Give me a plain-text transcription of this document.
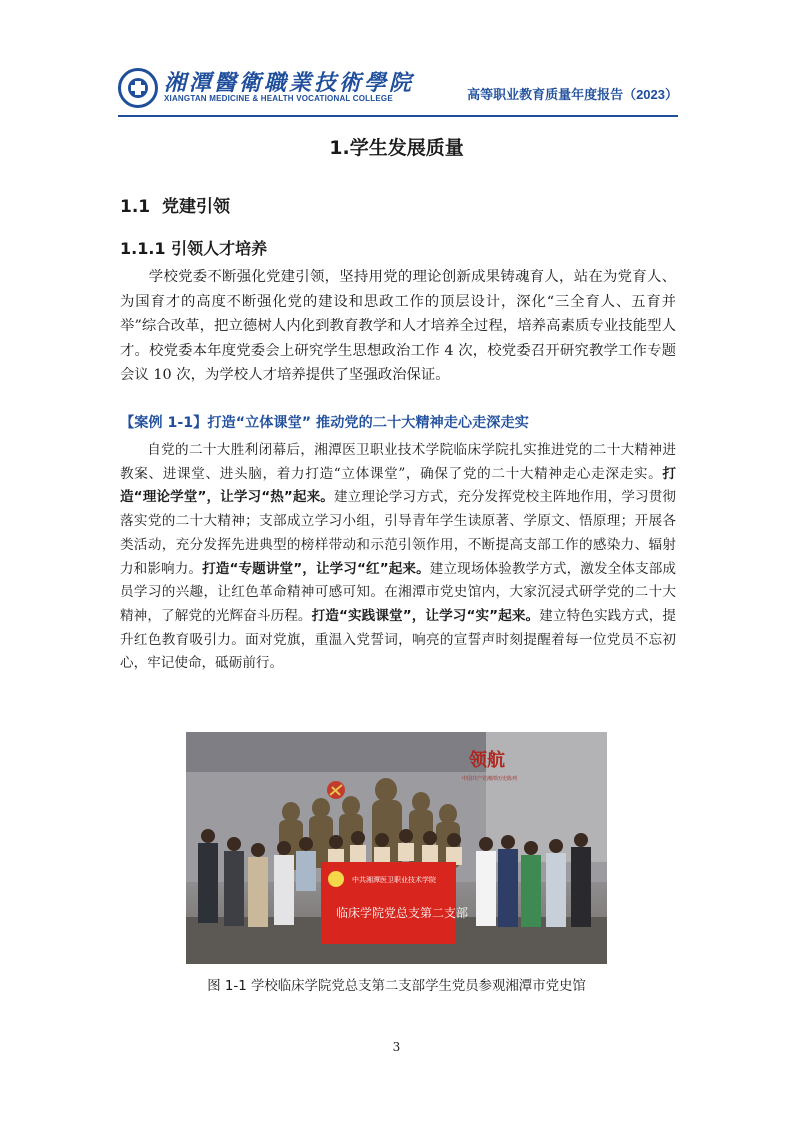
湘潭醫衛職業技術學院
XIANGTAN MEDICINE & HEALTH VOCATIONAL COLLEGE	高等职业教育质量年度报告（2023）
1.学生发展质量
1.1 党建引领
1.1.1 引领人才培养
学校党委不断强化党建引领，坚持用党的理论创新成果铸魂育人，站在为党育人、为国育才的高度不断强化党的建设和思政工作的顶层设计，深化“三全育人、五育并举”综合改革，把立德树人内化到教育教学和人才培养全过程，培养高素质专业技能型人才。校党委本年度党委会上研究学生思想政治工作 4 次，校党委召开研究教学工作专题会议 10 次，为学校人才培养提供了坚强政治保证。
【案例 1-1】打造“立体课堂” 推动党的二十大精神走心走深走实
自党的二十大胜利闭幕后，湘潭医卫职业技术学院临床学院扎实推进党的二十大精神进教案、进课堂、进头脑，着力打造“立体课堂”，确保了党的二十大精神走心走深走实。打造“理论学堂”，让学习“热”起来。建立理论学习方式，充分发挥党校主阵地作用，学习贯彻落实党的二十大精神；支部成立学习小组，引导青年学生读原著、学原文、悟原理；开展各类活动，充分发挥先进典型的榜样带动和示范引领作用，不断提高支部工作的感染力、辐射力和影响力。打造“专题讲堂”，让学习“红”起来。建立现场体验教学方式，激发全体支部成员学习的兴趣，让红色革命精神可感可知。在湘潭市党史馆内，大家沉浸式研学党的二十大精神，了解党的光辉奋斗历程。打造“实践课堂”，让学习“实”起来。建立特色实践方式，提升红色教育吸引力。面对党旗，重温入党誓词，响亮的宣誓声时刻提醒着每一位党员不忘初心，牢记使命，砥砺前行。
领航
中国共产党湘潭历史陈列
中共湘潭医卫职业技术学院
临床学院党总支第二支部
图 1-1 学校临床学院党总支第二支部学生党员参观湘潭市党史馆
3
